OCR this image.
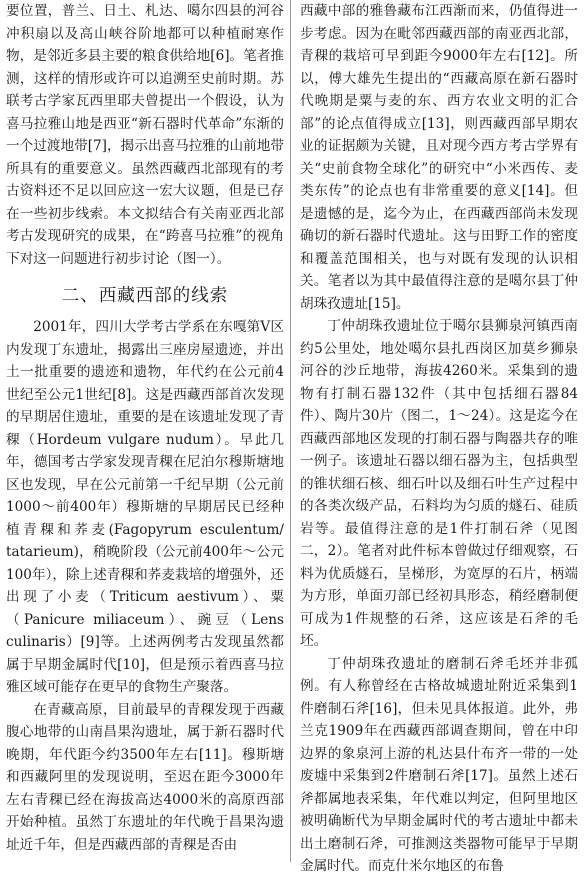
要位置，普兰、日土、札达、噶尔四县的河谷冲积扇以及高山峡谷阶地都可以种植耐寒作物，是邻近多县主要的粮食供给地[6]。笔者推测，这样的情形或许可以追溯至史前时期。苏联考古学家瓦西里耶夫曾提出一个假设，认为喜马拉雅山地是西亚“新石器时代革命”东渐的一个过渡地带[7]，揭示出喜马拉雅的山前地带所具有的重要意义。虽然西藏西北部现有的考古资料还不足以回应这一宏大议题，但是已存在一些初步线索。本文拟结合有关南亚西北部考古发现研究的成果，在“跨喜马拉雅”的视角下对这一问题进行初步讨论（图一）。

二、西藏西部的线索

2001年，四川大学考古学系在东嘎第V区内发现丁东遗址，揭露出三座房屋遗迹，并出土一批重要的遗迹和遗物，年代约在公元前4世纪至公元1世纪[8]。这是西藏西部首次发现的早期居住遗址，重要的是在该遗址发现了青稞（Hordeum vulgare nudum）。早此几年，德国考古学家发现青稞在尼泊尔穆斯塘地区也发现，早在公元前第一千纪早期（公元前1000～前400年）穆斯塘的早期居民已经种植青稞和荞麦(Fagopyrum esculentum/ tatarieum)，稍晚阶段（公元前400年～公元100年），除上述青稞和荞麦栽培的增强外，还出现了小麦（Triticum aestivum）、粟（Panicure miliaceum）、豌豆（Lens culinaris）[9]等。上述两例考古发现虽然都属于早期金属时代[10]，但是预示着西喜马拉雅区域可能存在更早的食物生产聚落。

在青藏高原，目前最早的青稞发现于西藏腹心地带的山南昌果沟遗址，属于新石器时代晚期，年代距今约3500年左右[11]。穆斯塘和西藏阿里的发现说明，至迟在距今3000年左右青稞已经在海拔高达4000米的高原西部开始种植。虽然丁东遗址的年代晚于昌果沟遗址近千年，但是西藏西部的青稞是否由

西藏中部的雅鲁藏布江西渐而来，仍值得进一步考虑。因为在毗邻西藏西部的南亚西北部，青稞的栽培可早到距今9000年左右[12]。所以，傅大雄先生提出的“西藏高原在新石器时代晚期是粟与麦的东、西方农业文明的汇合部”的论点值得成立[13]，则西藏西部早期农业的证据颇为关键，且对现今西方考古学界有关“史前食物全球化”的研究中“小米西传、麦类东传”的论点也有非常重要的意义[14]。但是遗憾的是，迄今为止，在西藏西部尚未发现确切的新石器时代遗址。这与田野工作的密度和覆盖范围相关，也与对既有发现的认识相关。笔者以为其中最值得注意的是噶尔县丁仲胡珠孜遗址[15]。

丁仲胡珠孜遗址位于噶尔县狮泉河镇西南约5公里处，地处噶尔县扎西岗区加莫乡狮泉河谷的沙丘地带，海拔4260米。采集到的遗物有打制石器132件（其中包括细石器84件）、陶片30片（图二，1～24）。这是迄今在西藏西部地区发现的打制石器与陶器共存的唯一例子。该遗址石器以细石器为主，包括典型的锥状细石核、细石叶以及细石叶生产过程中的各类次级产品，石料均为匀质的燧石、硅质岩等。最值得注意的是1件打制石斧（见图二，2）。笔者对此件标本曾做过仔细观察，石料为优质燧石，呈梯形，为宽厚的石片，柄端为方形，单面刃部已经初具形态，稍经磨制便可成为1件规整的石斧，这应该是石斧的毛坯。

丁仲胡珠孜遗址的磨制石斧毛坯并非孤例。有人称曾经在古格故城遗址附近采集到1件磨制石斧[16]，但未见具体报道。此外，弗兰克1909年在西藏西部调查期间，曾在中印边界的象泉河上游的札达县什布齐一带的一处废墟中采集到2件磨制石斧[17]。虽然上述石斧都属地表采集，年代难以判定，但阿里地区被明确断代为早期金属时代的考古遗址中都未出土磨制石斧，可推测这类器物可能早于早期金属时代。而克什米尔地区的布鲁
